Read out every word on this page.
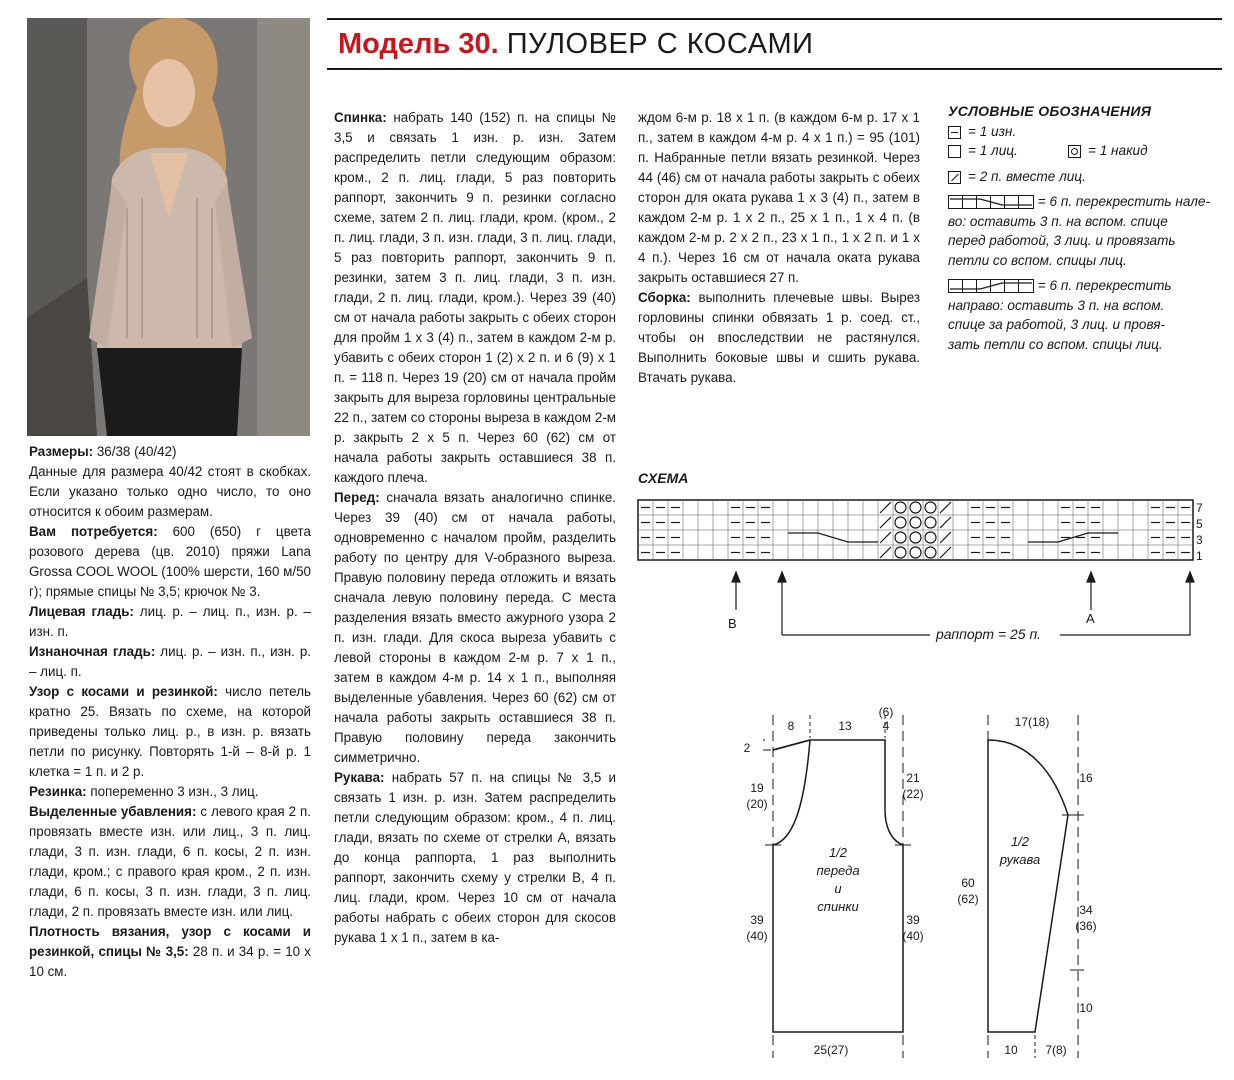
Модель 30. ПУЛОВЕР С КОСАМИ

Размеры: 36/38 (40/42)

Данные для размера 40/42 стоят в скобках. Если указано только одно число, то оно относится к обоим размерам.

Вам потребуется: 600 (650) г цвета розового дерева (цв. 2010) пряжи Lana Grossa COOL WOOL (100% шерсти, 160 м/50 г); прямые спицы № 3,5; крючок № 3.

Лицевая гладь: лиц. р. – лиц. п., изн. р. – изн. п.

Изнаночная гладь: лиц. р. – изн. п., изн. р. – лиц. п.

Узор с косами и резинкой: число петель кратно 25. Вязать по схеме, на которой приведены только лиц. р., в изн. р. вязать петли по рисунку. Повторять 1-й – 8-й р. 1 клетка = 1 п. и 2 р.

Резинка: попеременно 3 изн., 3 лиц.

Выделенные убавления: с левого края 2 п. провязать вместе изн. или лиц., 3 п. лиц. глади, 3 п. изн. глади, 6 п. косы, 2 п. изн. глади, кром.; с правого края кром., 2 п. изн. глади, 6 п. косы, 3 п. изн. глади, 3 п. лиц. глади, 2 п. провязать вместе изн. или лиц.

Плотность вязания, узор с косами и резинкой, спицы № 3,5: 28 п. и 34 р. = 10 х 10 см.

Спинка: набрать 140 (152) п. на спицы № 3,5 и связать 1 изн. р. изн. Затем распределить петли следующим образом: кром., 2 п. лиц. глади, 5 раз повторить раппорт, закончить 9 п. резинки согласно схеме, затем 2 п. лиц. глади, кром. (кром., 2 п. лиц. глади, 3 п. изн. глади, 3 п. лиц. глади, 5 раз повторить раппорт, закончить 9 п. резинки, затем 3 п. лиц. глади, 3 п. изн. глади, 2 п. лиц. глади, кром.). Через 39 (40) см от начала работы закрыть с обеих сторон для пройм 1 х 3 (4) п., затем в каждом 2-м р. убавить с обеих сторон 1 (2) х 2 п. и 6 (9) х 1 п. = 118 п. Через 19 (20) см от начала пройм закрыть для выреза горловины центральные 22 п., затем со стороны выреза в каждом 2-м р. закрыть 2 х 5 п. Через 60 (62) см от начала работы закрыть оставшиеся 38 п. каждого плеча.

Перед: сначала вязать аналогично спинке. Через 39 (40) см от начала работы, одновременно с началом пройм, разделить работу по центру для V-образного выреза. Правую половину переда отложить и вязать сначала левую половину переда. С места разделения вязать вместо ажурного узора 2 п. изн. глади. Для скоса выреза убавить с левой стороны в каждом 2-м р. 7 х 1 п., затем в каждом 4-м р. 14 х 1 п., выполняя выделенные убавления. Через 60 (62) см от начала работы закрыть оставшиеся 38 п. Правую половину переда закончить симметрично.

Рукава: набрать 57 п. на спицы № 3,5 и связать 1 изн. р. изн. Затем распределить петли следующим образом: кром., 4 п. лиц. глади, вязать по схеме от стрелки А, вязать до конца раппорта, 1 раз выполнить раппорт, закончить схему у стрелки В, 4 п. лиц. глади, кром. Через 10 см от начала работы набрать с обеих сторон для скосов рукава 1 х 1 п., затем в ка-

ждом 6-м р. 18 х 1 п. (в каждом 6-м р. 17 х 1 п., затем в каждом 4-м р. 4 х 1 п.) = 95 (101) п. Набранные петли вязать резинкой. Через 44 (46) см от начала работы закрыть с обеих сторон для оката рукава 1 х 3 (4) п., затем в каждом 2-м р. 1 х 2 п., 25 х 1 п., 1 х 4 п. (в каждом 2-м р. 2 х 2 п., 23 х 1 п., 1 х 2 п. и 1 х 4 п.). Через 16 см от начала оката рукава закрыть оставшиеся 27 п.

Сборка: выполнить плечевые швы. Вырез горловины спинки обвязать 1 р. соед. ст., чтобы он впоследствии не растянулся. Выполнить боковые швы и сшить рукава. Втачать рукава.

УСЛОВНЫЕ ОБОЗНАЧЕНИЯ
= 1 изн.
= 1 лиц.	= 1 накид
= 2 п. вместе лиц.
= 6 п. перекрестить нале-
во: оставить 3 п. на вспом. спице
перед работой, 3 лиц. и провязать
петли со вспом. спицы лиц.
= 6 п. перекрестить
направо: оставить 3 п. на вспом.
спице за работой, 3 лиц. и провя-
зать петли со вспом. спицы лиц.
СХЕМА
7
5
3
1
В	А
раппорт = 25 п.
8	13
(6)
4
2
19
(20)
21
(22)
39
(40)
39
(40)
25(27)
1/2
переда
и
спинки
17(18)
16
60
(62)
34
(36)
10
10 7(8)
1/2
рукава
